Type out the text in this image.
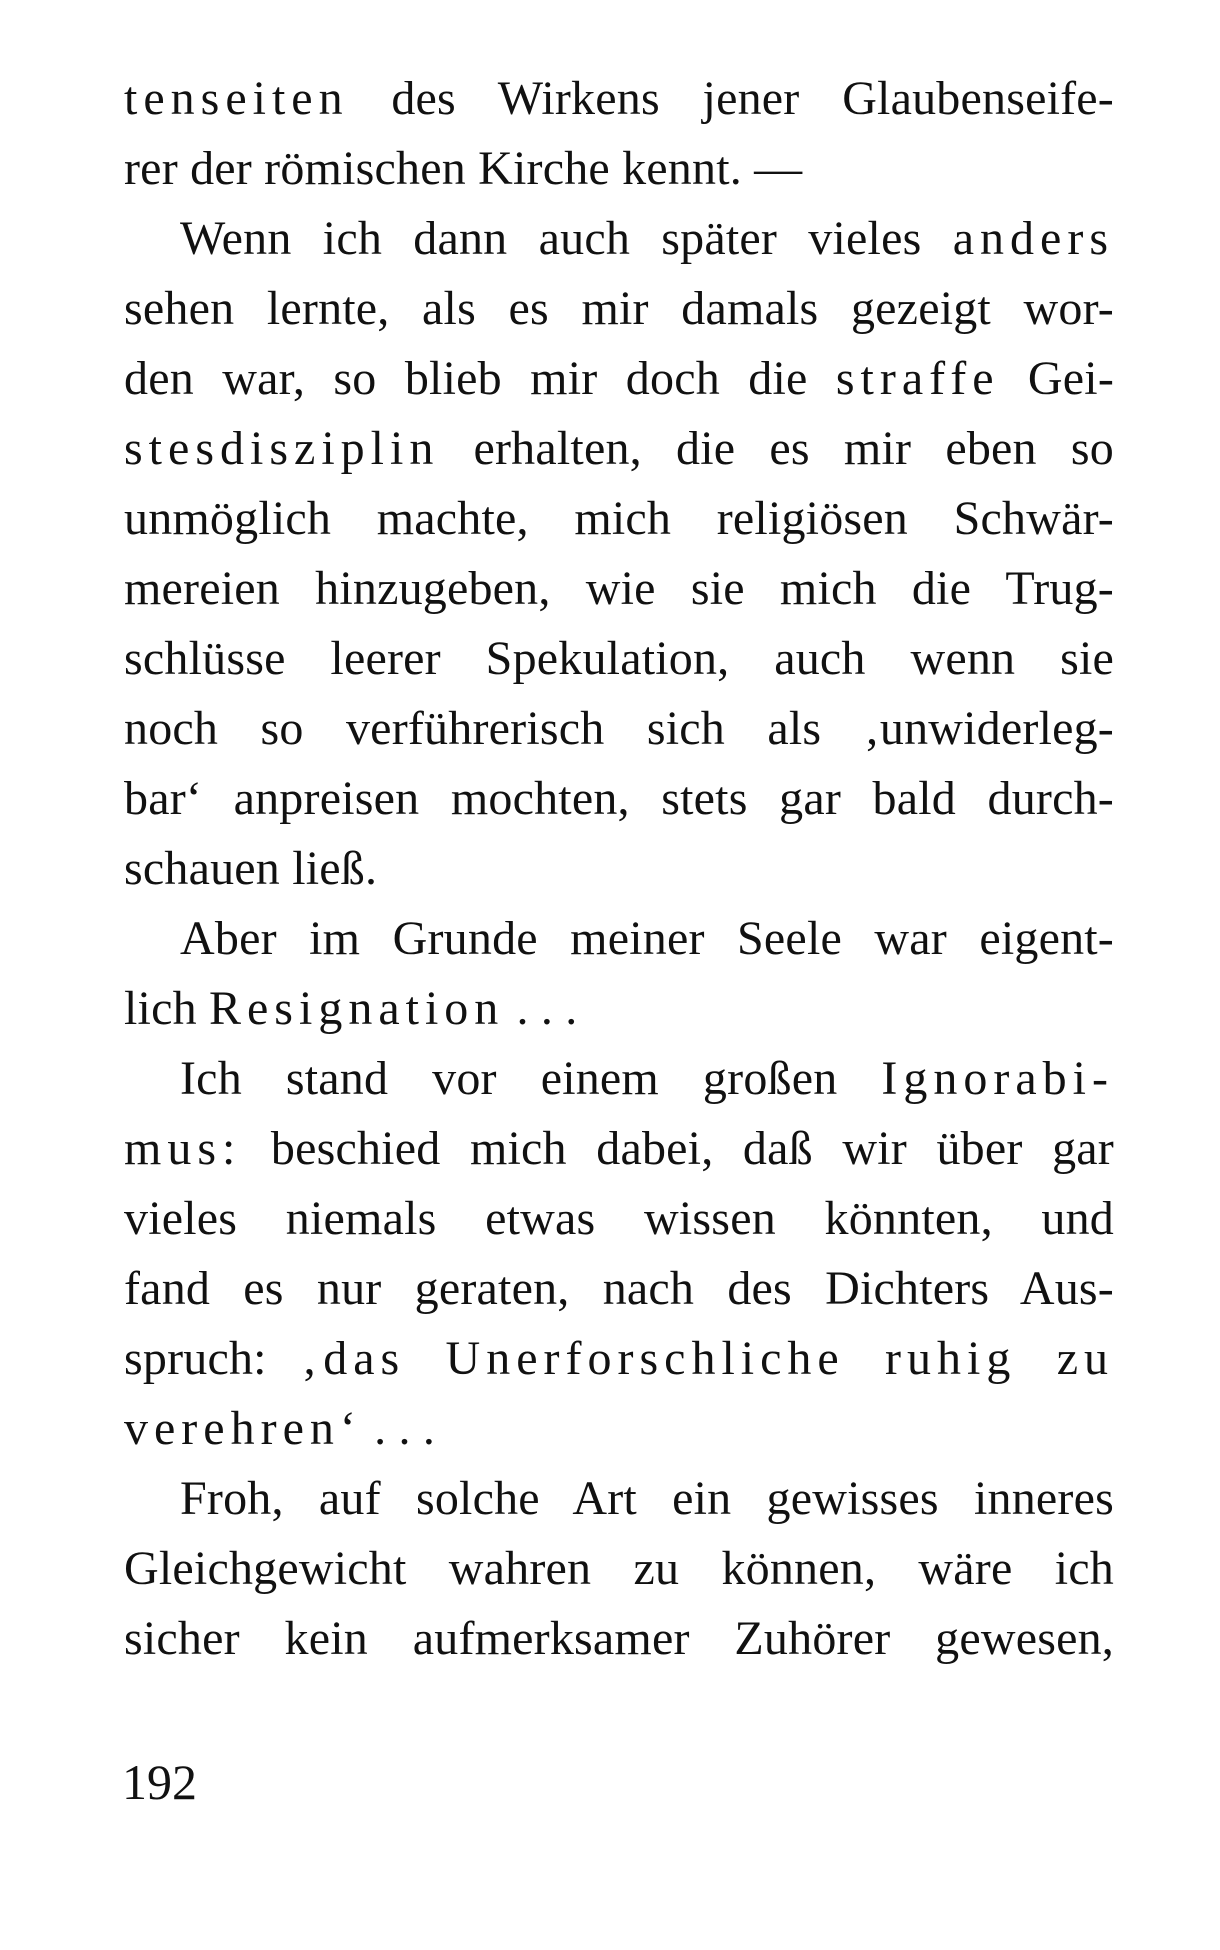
tenseiten des Wirkens jener Glaubenseife-
rer der römischen Kirche kennt. —
Wenn ich dann auch später vieles anders
sehen lernte, als es mir damals gezeigt wor-
den war, so blieb mir doch die straffe Gei-
stesdisziplin erhalten, die es mir eben so
unmöglich machte, mich religiösen Schwär-
mereien hinzugeben, wie sie mich die Trug-
schlüsse leerer Spekulation, auch wenn sie
noch so verführerisch sich als ‚unwiderleg-
bar‘ anpreisen mochten, stets gar bald durch-
schauen ließ.
Aber im Grunde meiner Seele war eigent-
lich Resignation . . .
Ich stand vor einem großen Ignorabi-
mus: beschied mich dabei, daß wir über gar
vieles niemals etwas wissen könnten, und
fand es nur geraten, nach des Dichters Aus-
spruch: ‚das Unerforschliche ruhig zu
verehren‘ . . .
Froh, auf solche Art ein gewisses inneres
Gleichgewicht wahren zu können, wäre ich
sicher kein aufmerksamer Zuhörer gewesen,
192
